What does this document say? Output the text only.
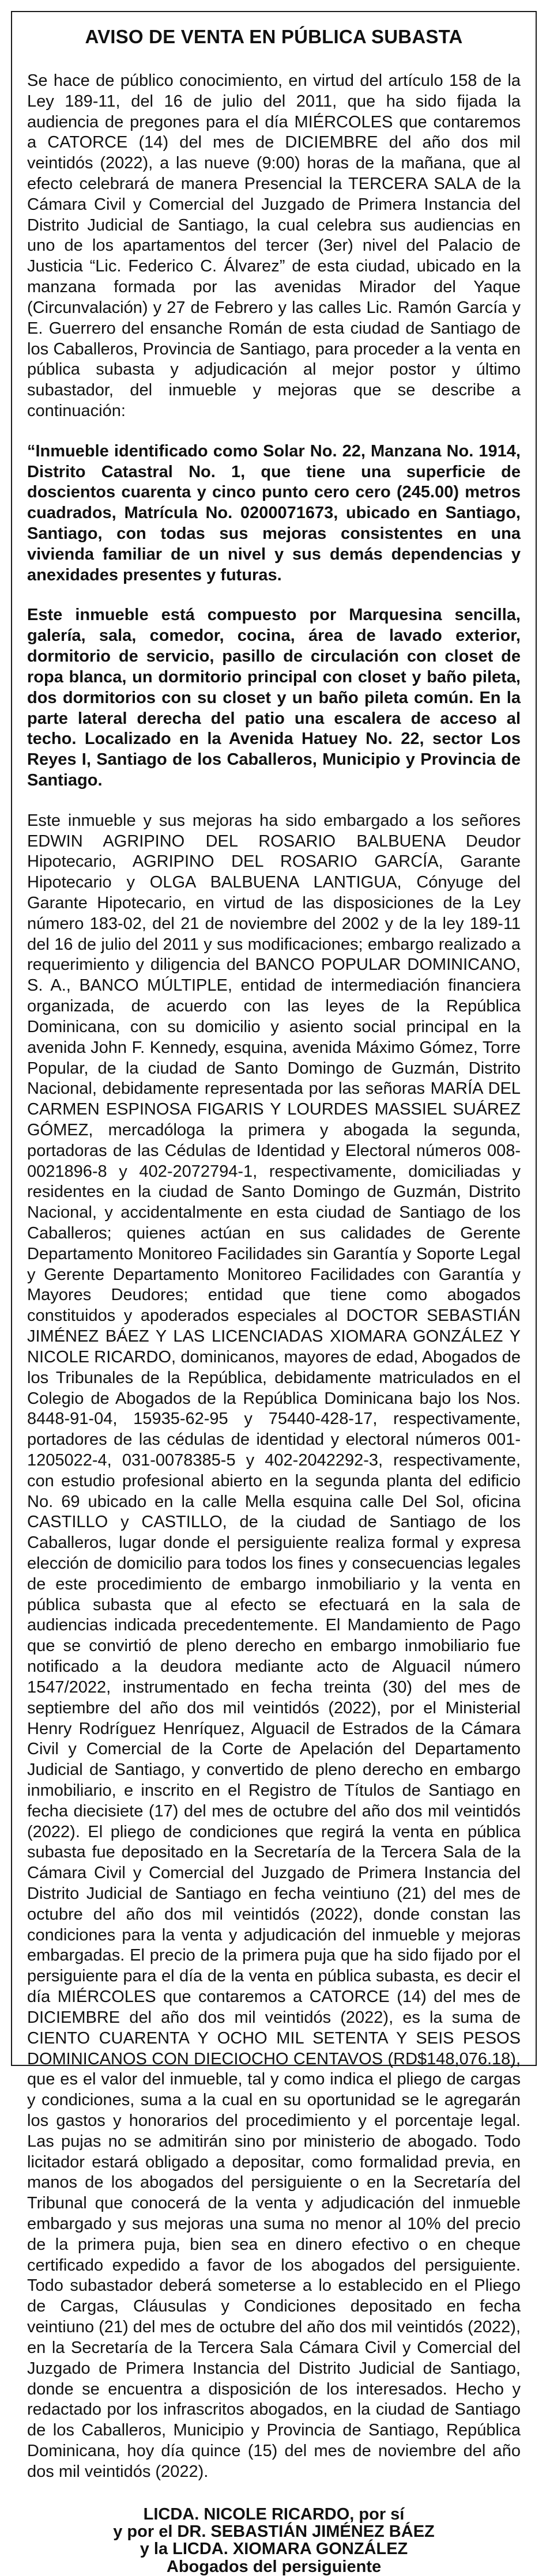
AVISO DE VENTA EN PÚBLICA SUBASTA

Se hace de público conocimiento, en virtud del artículo 158 de la Ley 189-11, del 16 de julio del 2011, que ha sido fijada la audiencia de pregones para el día MIÉRCOLES que contaremos a CATORCE (14) del mes de DICIEMBRE del año dos mil veintidós (2022), a las nueve (9:00) horas de la mañana, que al efecto celebrará de manera Presencial la TERCERA SALA de la Cámara Civil y Comercial del Juzgado de Primera Instancia del Distrito Judicial de Santiago, la cual celebra sus audiencias en uno de los apartamentos del tercer (3er) nivel del Palacio de Justicia “Lic. Federico C. Álvarez” de esta ciudad, ubicado en la manzana formada por las avenidas Mirador del Yaque (Circunvalación) y 27 de Febrero y las calles Lic. Ramón García y E. Guerrero del ensanche Román de esta ciudad de Santiago de los Caballeros, Provincia de Santiago, para proceder a la venta en pública subasta y adjudicación al mejor postor y último subastador, del inmueble y mejoras que se describe a continuación:

“Inmueble identificado como Solar No. 22, Manzana No. 1914, Distrito Catastral No. 1, que tiene una superficie de doscientos cuarenta y cinco punto cero cero (245.00) metros cuadrados, Matrícula No. 0200071673, ubicado en Santiago, Santiago, con todas sus mejoras consistentes en una vivienda familiar de un nivel y sus demás dependencias y anexidades presentes y futuras.

Este inmueble está compuesto por Marquesina sencilla, galería, sala, comedor, cocina, área de lavado exterior, dormitorio de servicio, pasillo de circulación con closet de ropa blanca, un dormitorio principal con closet y baño pileta, dos dormitorios con su closet y un baño pileta común. En la parte lateral derecha del patio una escalera de acceso al techo. Localizado en la Avenida Hatuey No. 22, sector Los Reyes I, Santiago de los Caballeros, Municipio y Provincia de Santiago.

Este inmueble y sus mejoras ha sido embargado a los señores EDWIN AGRIPINO DEL ROSARIO BALBUENA Deudor Hipotecario, AGRIPINO DEL ROSARIO GARCÍA, Garante Hipotecario y OLGA BALBUENA LANTIGUA, Cónyuge del Garante Hipotecario, en virtud de las disposiciones de la Ley número 183-02, del 21 de noviembre del 2002 y de la ley 189-11 del 16 de julio del 2011 y sus modificaciones; embargo realizado a requerimiento y diligencia del BANCO POPULAR DOMINICANO, S. A., BANCO MÚLTIPLE, entidad de intermediación financiera organizada, de acuerdo con las leyes de la República Dominicana, con su domicilio y asiento social principal en la avenida John F. Kennedy, esquina, avenida Máximo Gómez, Torre Popular, de la ciudad de Santo Domingo de Guzmán, Distrito Nacional, debidamente representada por las señoras MARÍA DEL CARMEN ESPINOSA FIGARIS Y LOURDES MASSIEL SUÁREZ GÓMEZ, mercadóloga la primera y abogada la segunda, portadoras de las Cédulas de Identidad y Electoral números 008-0021896-8 y 402-2072794-1, respectivamente, domiciliadas y residentes en la ciudad de Santo Domingo de Guzmán, Distrito Nacional, y accidentalmente en esta ciudad de Santiago de los Caballeros; quienes actúan en sus calidades de Gerente Departamento Monitoreo Facilidades sin Garantía y Soporte Legal y Gerente Departamento Monitoreo Facilidades con Garantía y Mayores Deudores; entidad que tiene como abogados constituidos y apoderados especiales al DOCTOR SEBASTIÁN JIMÉNEZ BÁEZ Y LAS LICENCIADAS XIOMARA GONZÁLEZ Y NICOLE RICARDO, dominicanos, mayores de edad, Abogados de los Tribunales de la República, debidamente matriculados en el Colegio de Abogados de la República Dominicana bajo los Nos. 8448-91-04, 15935-62-95 y 75440-428-17, respectivamente, portadores de las cédulas de identidad y electoral números 001-1205022-4, 031-0078385-5 y 402-2042292-3, respectivamente, con estudio profesional abierto en la segunda planta del edificio No. 69 ubicado en la calle Mella esquina calle Del Sol, oficina CASTILLO y CASTILLO, de la ciudad de Santiago de los Caballeros, lugar donde el persiguiente realiza formal y expresa elección de domicilio para todos los fines y consecuencias legales de este procedimiento de embargo inmobiliario y la venta en pública subasta que al efecto se efectuará en la sala de audiencias indicada precedentemente. El Mandamiento de Pago que se convirtió de pleno derecho en embargo inmobiliario fue notificado a la deudora mediante acto de Alguacil número 1547/2022, instrumentado en fecha treinta (30) del mes de septiembre del año dos mil veintidós (2022), por el Ministerial Henry Rodríguez Henríquez, Alguacil de Estrados de la Cámara Civil y Comercial de la Corte de Apelación del Departamento Judicial de Santiago, y convertido de pleno derecho en embargo inmobiliario, e inscrito en el Registro de Títulos de Santiago en fecha diecisiete (17) del mes de octubre del año dos mil veintidós (2022). El pliego de condiciones que regirá la venta en pública subasta fue depositado en la Secretaría de la Tercera Sala de la Cámara Civil y Comercial del Juzgado de Primera Instancia del Distrito Judicial de Santiago en fecha veintiuno (21) del mes de octubre del año dos mil veintidós (2022), donde constan las condiciones para la venta y adjudicación del inmueble y mejoras embargadas. El precio de la primera puja que ha sido fijado por el persiguiente para el día de la venta en pública subasta, es decir el día MIÉRCOLES que contaremos a CATORCE (14) del mes de DICIEMBRE del año dos mil veintidós (2022), es la suma de CIENTO CUARENTA Y OCHO MIL SETENTA Y SEIS PESOS DOMINICANOS CON DIECIOCHO CENTAVOS (RD$148,076.18), que es el valor del inmueble, tal y como indica el pliego de cargas y condiciones, suma a la cual en su oportunidad se le agregarán los gastos y honorarios del procedimiento y el porcentaje legal. Las pujas no se admitirán sino por ministerio de abogado. Todo licitador estará obligado a depositar, como formalidad previa, en manos de los abogados del persiguiente o en la Secretaría del Tribunal que conocerá de la venta y adjudicación del inmueble embargado y sus mejoras una suma no menor al 10% del precio de la primera puja, bien sea en dinero efectivo o en cheque certificado expedido a favor de los abogados del persiguiente. Todo subastador deberá someterse a lo establecido en el Pliego de Cargas, Cláusulas y Condiciones depositado en fecha veintiuno (21) del mes de octubre del año dos mil veintidós (2022), en la Secretaría de la Tercera Sala Cámara Civil y Comercial del Juzgado de Primera Instancia del Distrito Judicial de Santiago, donde se encuentra a disposición de los interesados. Hecho y redactado por los infrascritos abogados, en la ciudad de Santiago de los Caballeros, Municipio y Provincia de Santiago, República Dominicana, hoy día quince (15) del mes de noviembre del año dos mil veintidós (2022).

LICDA. NICOLE RICARDO, por sí
y por el DR. SEBASTIÁN JIMÉNEZ BÁEZ
y la LICDA. XIOMARA GONZÁLEZ
Abogados del persiguiente
